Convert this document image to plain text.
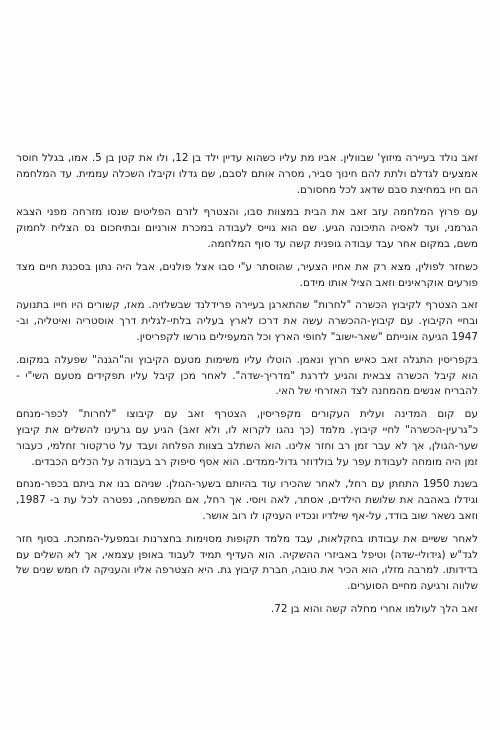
זאב נולד בעיירה מיזוץ' שבוולין. אביו מת עליו כשהוא עדיין ילד בן 12, ולו את קטן בן 5. אמו, בגלל חוסר אמצעים לגדלם ולתת להם חינוך סביר, מסרה אותם לסבם, שם גדלו וקיבלו השכלה עממית. עד המלחמה הם חיו במחיצת סבם שדאג לכל מחסורם.

עם פרוץ המלחמה עזב זאב את הבית במצוות סבו, והצטרף לזרם הפליטים שנסו מזרחה מפני הצבא הגרמני, ועד לאסיה התיכונה הגיע. שם הוא גוייס לעבודה במכרת אורניום ובתיחכום נס הצליח לחמוק משם, במקום אחר עבד עבודה גופנית קשה עד סוף המלחמה.

כשחזר לפולין, מצא רק את אחיו הצעיר, שהוסתר ע"י סבו אצל פולנים, אבל היה נתון בסכנת חיים מצד פורעים אוקראינים וזאב הציל אותו מידם.

זאב הצטרף לקיבוץ הכשרה "לחרות" שהתארגן בעיירה פרידלנד שבשלזיה. מאז, קשורים היו חייו בתנועה ובחיי הקיבוץ. עם קיבוץ-ההכשרה עשה את דרכו לארץ בעליה בלתי-לגלית דרך אוסטריה ואיטליה, וב- 1947 הגיעה אונייתם "שאר-ישוב" לחופי הארץ וכל המעפילים גורשו לקפריסין.

בקפריסין התגלה זאב כאיש חרוץ ונאמן. הוטלו עליו משימות מטעם הקיבוץ וה"הגנה" שפעלה במקום. הוא קיבל הכשרה צבאית והגיע לדרגת "מדריך-שדה". לאחר מכן קיבל עליו תפקידים מטעם השי"י -להבריח אנשים מהמחנה לצד האזרחי של האי.

עם קום המדינה ועלית העקורים מקפריסין, הצטרף זאב עם קיבוצו "לחרות" לכפר-מנחם כ"גרעין-הכשרה" לחיי קיבוץ. מלמד (כך נהגו לקרוא לו, ולא זאב) הגיע עם גרעינו להשלים את קיבוץ שער-הגולן, אך לא עבר זמן רב וחזר אלינו. הוא השתלב בצוות הפלחה ועבד על טרקטור זחלמי, כעבור זמן היה מומחה לעבודת עפר על בולדוזר גדול-ממדים. הוא אסף סיפוק רב בעבודה על הכלים הכבדים.

בשנת 1950 התחתן עם רחל, לאחר שהכירו עוד בהיותם בשער-הגולן. שניהם בנו את ביתם בכפר-מנחם וגידלו באהבה את שלושת הילדים, אסתר, לאה ויוסי. אך רחל, אם המשפחה, נפטרה לכל עת ב- 1987, וזאב נשאר שוב בודד, על-אף שילדיו ונכדיו העניקו לו רוב אושר.

לאחר ששיים את עבודתו בחקלאות, עבד מלמד תקופות מסוימות בחצרנות ובמפעל-המתכת. בסוף חזר לגד"ש (גידולי-שדה) וטיפל באביזרי ההשקיה. הוא העדיף תמיד לעבוד באופן עצמאי, אך לא השלים עם בדידותו. למרבה מזלו, הוא הכיר את טובה, חברת קיבוץ גת. היא הצטרפה אליו והעניקה לו חמש שנים של שלווה ורגיעה מחיים הסוערים.

זאב הלך לעולמו אחרי מחלה קשה והוא בן 72.
